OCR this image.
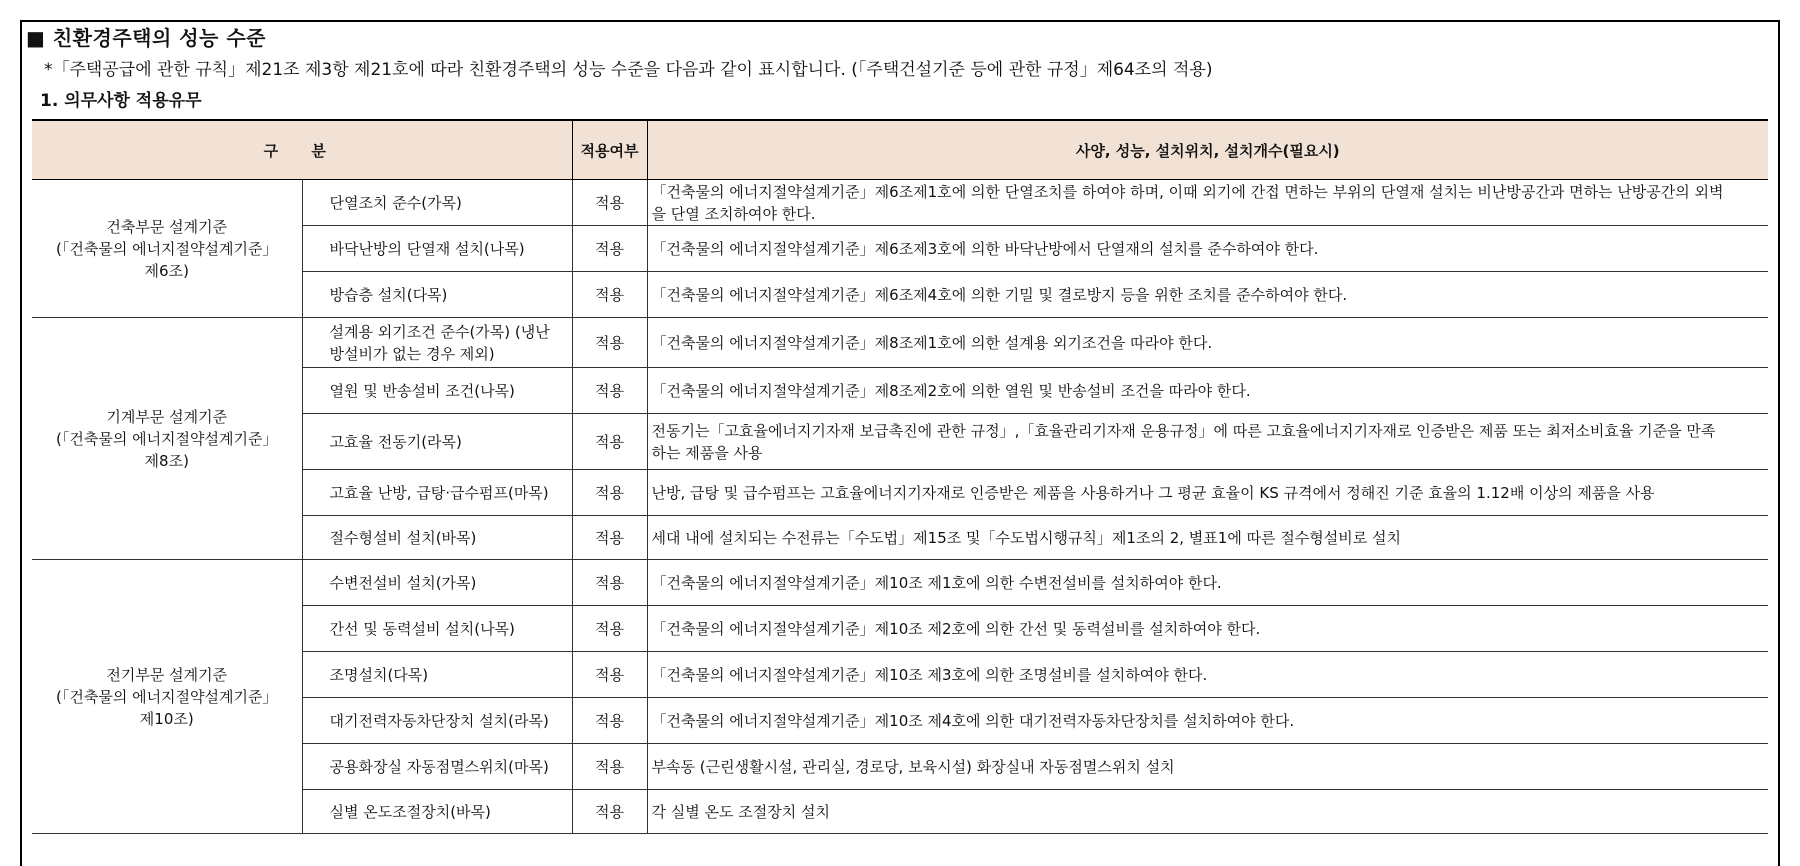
■ 친환경주택의 성능 수준
*「주택공급에 관한 규칙」제21조 제3항 제21호에 따라 친환경주택의 성능 수준을 다음과 같이 표시합니다. (「주택건설기준 등에 관한 규정」제64조의 적용)
1. 의무사항 적용유무
구 분		적용여부	사양, 성능, 설치위치, 설치개수(필요시)

건축부문 설계기준
(「건축물의 에너지절약설계기준」
제6조)	단열조치 준수(가목)	적용	「건축물의 에너지절약설계기준」제6조제1호에 의한 단열조치를 하여야 하며, 이때 외기에 간접 면하는 부위의 단열재 설치는 비난방공간과 면하는 난방공간의 외벽을 단열 조치하여야 한다.
	바닥난방의 단열재 설치(나목)	적용	「건축물의 에너지절약설계기준」제6조제3호에 의한 바닥난방에서 단열재의 설치를 준수하여야 한다.
	방습층 설치(다목)	적용	「건축물의 에너지절약설계기준」제6조제4호에 의한 기밀 및 결로방지 등을 위한 조치를 준수하여야 한다.

기계부문 설계기준
(「건축물의 에너지절약설계기준」
제8조)	설계용 외기조건 준수(가목) (냉난방설비가 없는 경우 제외)	적용	「건축물의 에너지절약설계기준」제8조제1호에 의한 설계용 외기조건을 따라야 한다.
	열원 및 반송설비 조건(나목)	적용	「건축물의 에너지절약설계기준」제8조제2호에 의한 열원 및 반송설비 조건을 따라야 한다.
	고효율 전동기(라목)	적용	전동기는「고효율에너지기자재 보급촉진에 관한 규정」,「효율관리기자재 운용규정」에 따른 고효율에너지기자재로 인증받은 제품 또는 최저소비효율 기준을 만족하는 제품을 사용
	고효율 난방, 급탕·급수펌프(마목)	적용	난방, 급탕 및 급수펌프는 고효율에너지기자재로 인증받은 제품을 사용하거나 그 평균 효율이 KS 규격에서 정해진 기준 효율의 1.12배 이상의 제품을 사용
	절수형설비 설치(바목)	적용	세대 내에 설치되는 수전류는「수도법」제15조 및「수도법시행규칙」제1조의 2, 별표1에 따른 절수형설비로 설치

전기부문 설계기준
(「건축물의 에너지절약설계기준」
제10조)	수변전설비 설치(가목)	적용	「건축물의 에너지절약설계기준」제10조 제1호에 의한 수변전설비를 설치하여야 한다.
	간선 및 동력설비 설치(나목)	적용	「건축물의 에너지절약설계기준」제10조 제2호에 의한 간선 및 동력설비를 설치하여야 한다.
	조명설치(다목)	적용	「건축물의 에너지절약설계기준」제10조 제3호에 의한 조명설비를 설치하여야 한다.
	대기전력자동차단장치 설치(라목)	적용	「건축물의 에너지절약설계기준」제10조 제4호에 의한 대기전력자동차단장치를 설치하여야 한다.
	공용화장실 자동점멸스위치(마목)	적용	부속동 (근린생활시설, 관리실, 경로당, 보육시설) 화장실내 자동점멸스위치 설치
	실별 온도조절장치(바목)	적용	각 실별 온도 조절장치 설치
